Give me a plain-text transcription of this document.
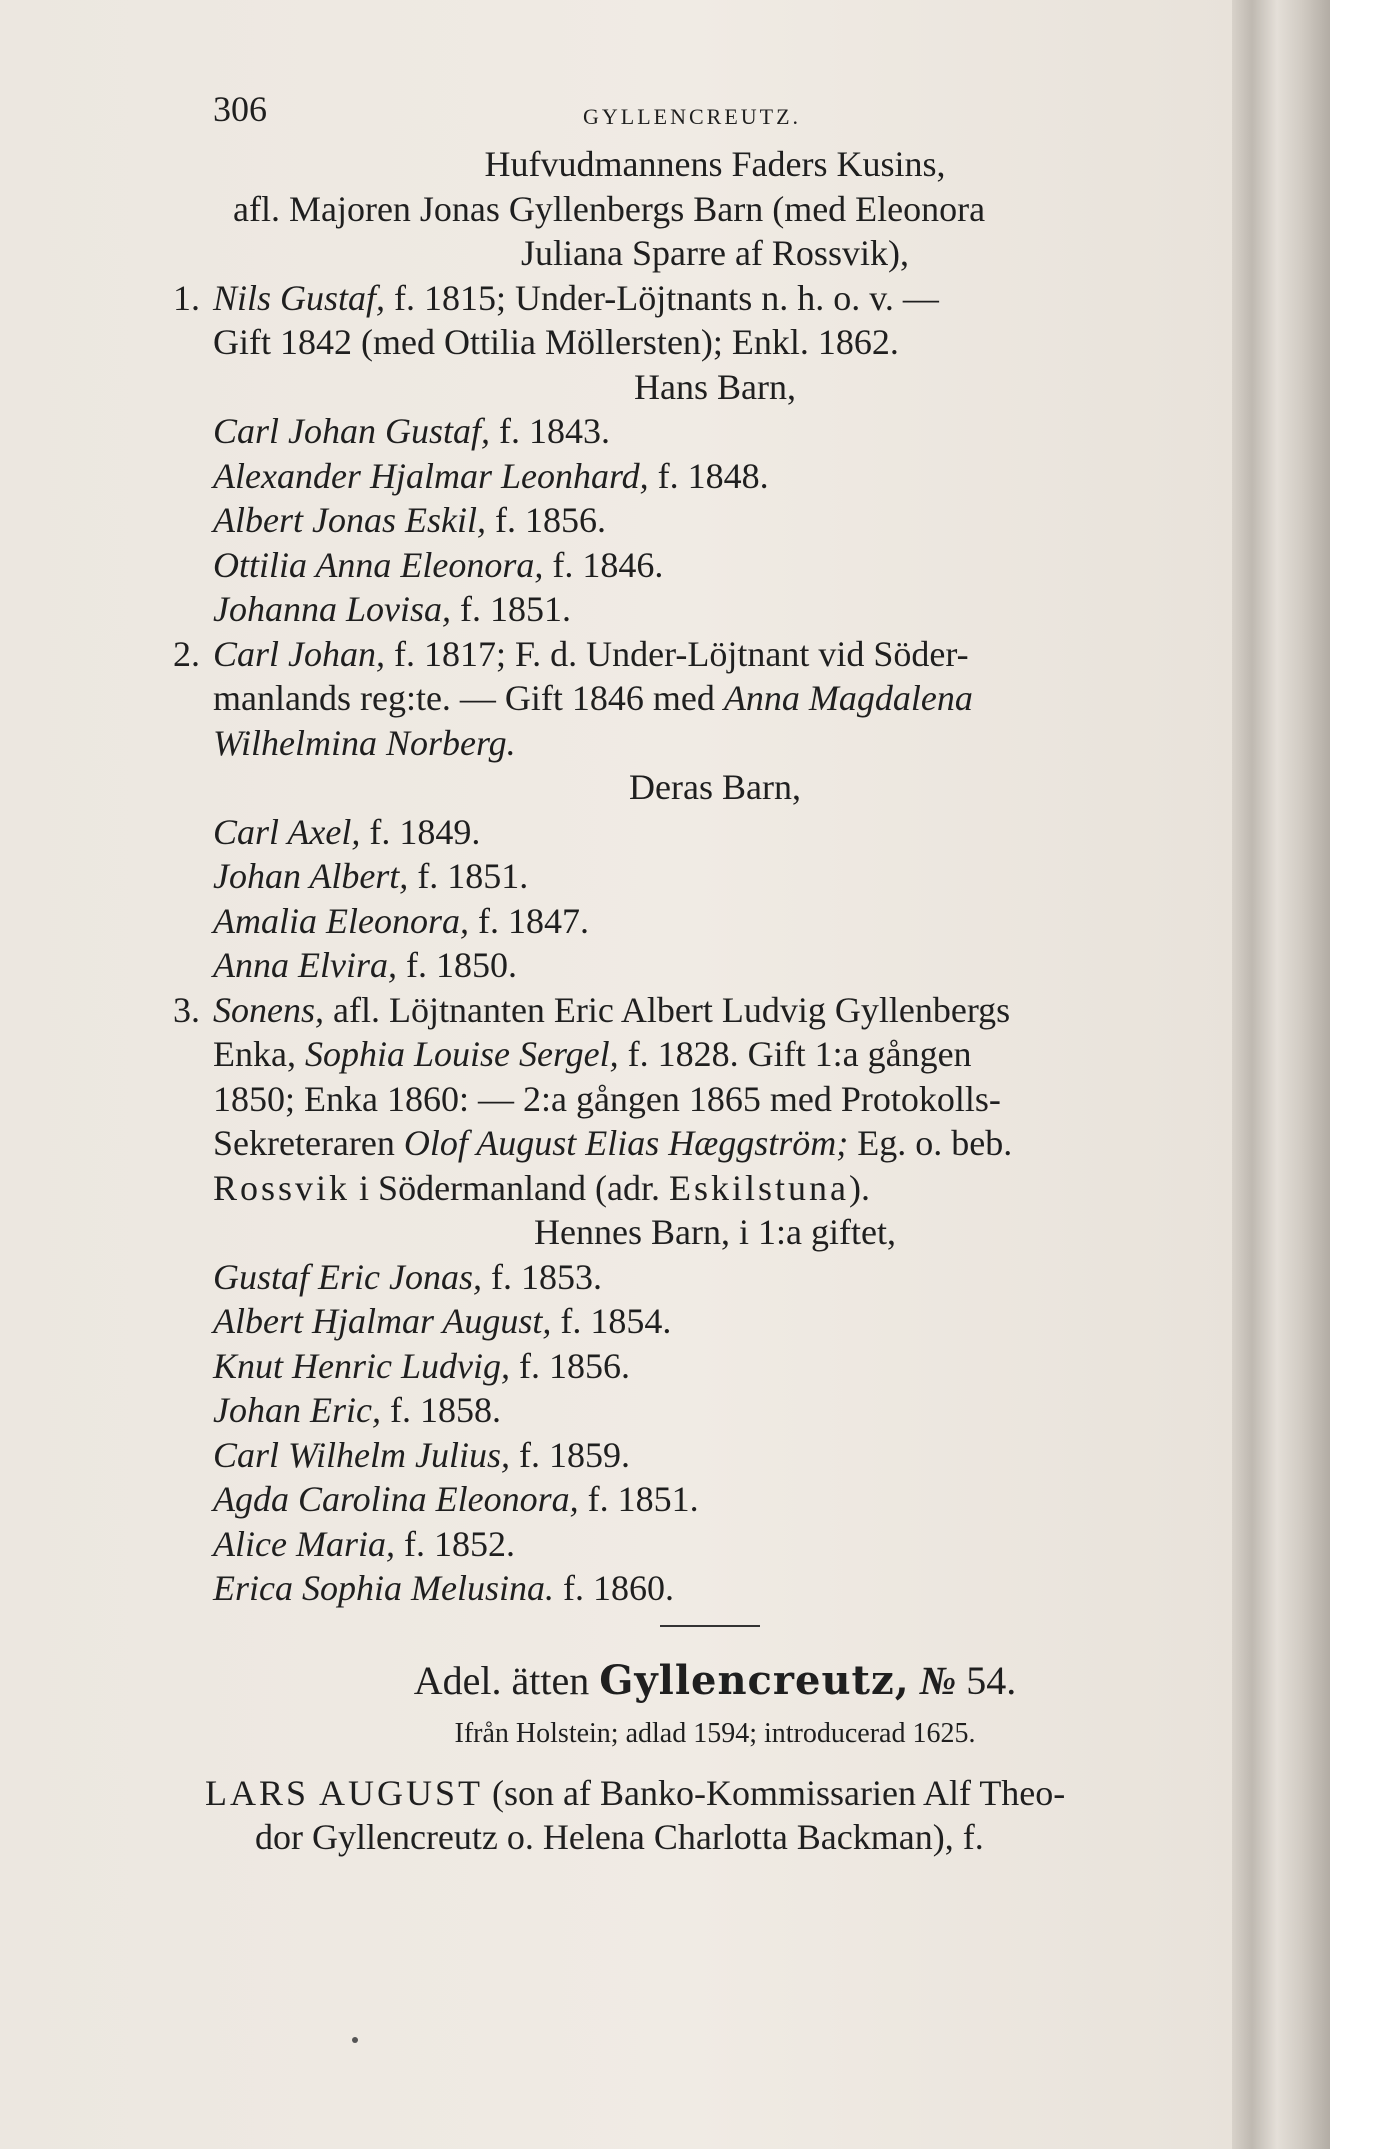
306	GYLLENCREUTZ.
Hufvudmannens Faders Kusins,
afl. Majoren Jonas Gyllenbergs Barn (med Eleonora
Juliana Sparre af Rossvik),
1. Nils Gustaf, f. 1815; Under-Löjtnants n. h. o. v. —
Gift 1842 (med Ottilia Möllersten); Enkl. 1862.
Hans Barn,
Carl Johan Gustaf, f. 1843.
Alexander Hjalmar Leonhard, f. 1848.
Albert Jonas Eskil, f. 1856.
Ottilia Anna Eleonora, f. 1846.
Johanna Lovisa, f. 1851.
2. Carl Johan, f. 1817; F. d. Under-Löjtnant vid Söder-
manlands reg:te. — Gift 1846 med Anna Magdalena
Wilhelmina Norberg.
Deras Barn,
Carl Axel, f. 1849.
Johan Albert, f. 1851.
Amalia Eleonora, f. 1847.
Anna Elvira, f. 1850.
3. Sonens, afl. Löjtnanten Eric Albert Ludvig Gyllenbergs
Enka, Sophia Louise Sergel, f. 1828. Gift 1:a gången
1850; Enka 1860: — 2:a gången 1865 med Protokolls-
Sekreteraren Olof August Elias Hæggström; Eg. o. beb.
Rossvik i Södermanland (adr. Eskilstuna).
Hennes Barn, i 1:a giftet,
Gustaf Eric Jonas, f. 1853.
Albert Hjalmar August, f. 1854.
Knut Henric Ludvig, f. 1856.
Johan Eric, f. 1858.
Carl Wilhelm Julius, f. 1859.
Agda Carolina Eleonora, f. 1851.
Alice Maria, f. 1852.
Erica Sophia Melusina. f. 1860.
Adel. ätten Gyllencreutz, № 54.
Ifrån Holstein; adlad 1594; introducerad 1625.
LARS AUGUST (son af Banko-Kommissarien Alf Theo-
dor Gyllencreutz o. Helena Charlotta Backman), f.
